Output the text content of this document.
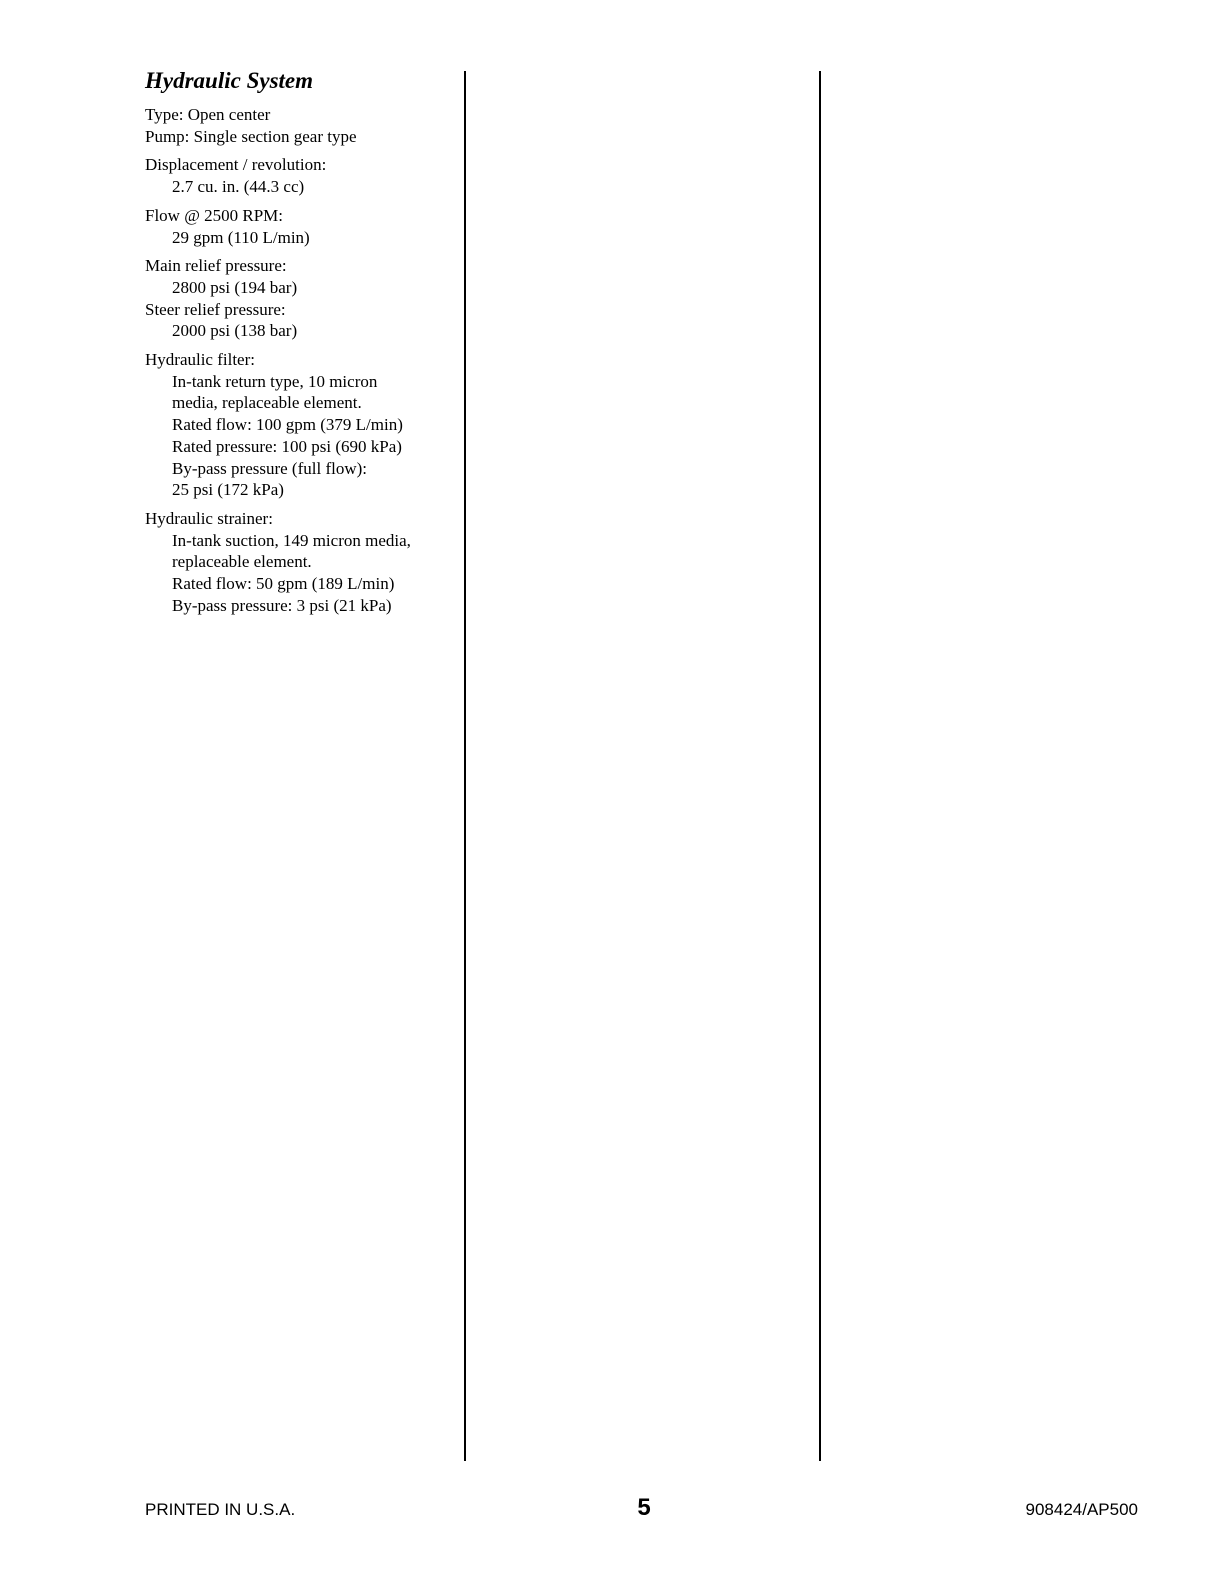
Hydraulic System
Type: Open center
Pump: Single section gear type
Displacement / revolution:
2.7 cu. in. (44.3 cc)
Flow @ 2500 RPM:
29 gpm (110 L/min)
Main relief pressure:
2800 psi (194 bar)
Steer relief pressure:
2000 psi (138 bar)
Hydraulic filter:
In-tank return type, 10 micron
media, replaceable element.
Rated flow: 100 gpm (379 L/min)
Rated pressure: 100 psi (690 kPa)
By-pass pressure (full flow):
25 psi (172 kPa)
Hydraulic strainer:
In-tank suction, 149 micron media,
replaceable element.
Rated flow: 50 gpm (189 L/min)
By-pass pressure: 3 psi (21 kPa)
PRINTED IN U.S.A.	5	908424/AP500
